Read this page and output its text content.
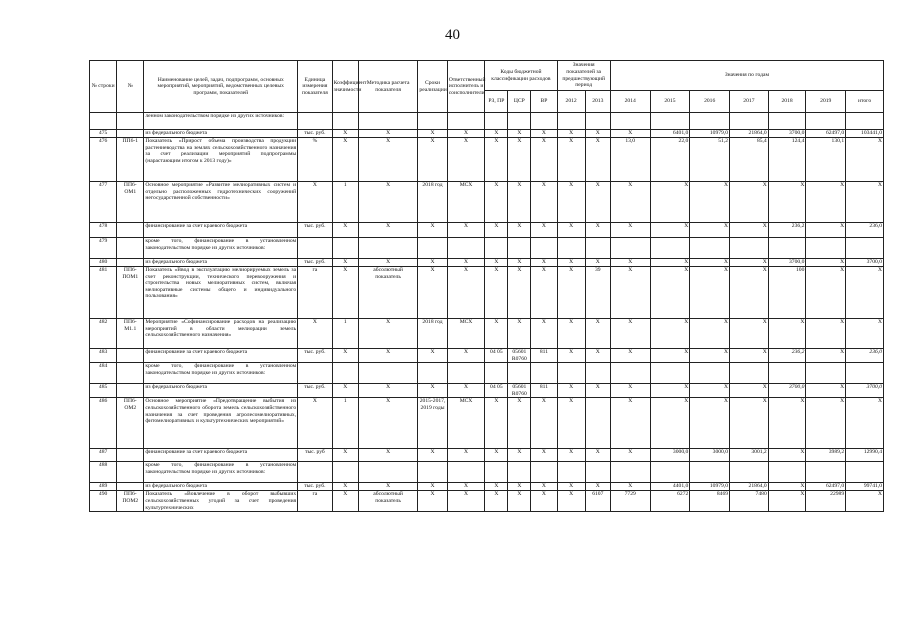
40
№ строки	№	Наименование целей, задач, подпрограмм, основных мероприятий, мероприятий, ведомственных целевых программ, показателей	Единица измерения показателя	Коэффициент значимости	Методика расчета показателя	Сроки реализации	Ответственный исполнитель и соисполнители	Коды бюджетной классификации расходов			Значения показателей за предшествующий период		Значения по годам						
								РЗ, ПР	ЦСР	ВР	2012	2013	2014	2015	2016	2017	2018	2019	итого
		ленном законодательством порядке из других источников:																	
475		из федерального бюджета	тыс. руб.	Х	Х	Х	Х	Х	Х	Х	Х	Х	Х	6401,0	10979,0	21864,0	3700,0	62497,0	103441,0
476	ПП6-1	Показатель «Прирост объема производства продукции растениеводства на землях сельскохозяйственного назначения за счет реализации мероприятий подпрограммы (нарастающим итогом к 2013 году)»	%	Х	Х	Х	Х	Х	Х	Х	Х	Х	13,0	22,0	51,2	85,4	124,4	130,1	Х
477	ПП6-ОМ1	Основное мероприятие «Развитие мелиоративных систем и отдельно расположенных гидротехнических сооружений негосударственной собственности»	Х	1	Х	2018 год	МСХ	Х	Х	Х	Х	Х	Х	Х	Х	Х	Х	Х	Х
478		финансирование за счет краевого бюджета	тыс. руб.	Х	Х	Х	Х	Х	Х	Х	Х	Х	Х	Х	Х	Х	236,2	Х	236,0
479		кроме того, финансирование в установленном законодательством порядке из других источников:																	
480		из федерального бюджета	тыс. руб.	Х	Х	Х	Х	Х	Х	Х	Х	Х	Х	Х	Х	Х	3700,0	Х	3700,0
481	ПП6-ПОМ1	Показатель «Ввод в эксплуатацию мелиорируемых земель за счет реконструкции, технического перевооружения и строительства новых мелиоративных систем, включая мелиоративные системы общего и индивидуального пользования»	га	Х	абсолютный показатель	Х	Х	Х	Х	Х	Х	39	Х	Х	Х	Х	100	Х	Х
482	ПП6-М1.1	Мероприятие «Софинансирование расходов на реализацию мероприятий в области мелиорации земель сельскохозяйственного назначения»	Х	1	Х	2018 год	МСХ	Х	Х	Х	Х	Х	Х	Х	Х	Х	Х	Х	Х
483		финансирование за счет краевого бюджета	тыс. руб.	Х	Х	Х	Х	04 05	05601 R0760	811	Х	Х	Х	Х	Х	Х	236,2	Х	236,0
484		кроме того, финансирование в установленном законодательством порядке из других источников:																	
485		из федерального бюджета	тыс. руб.	Х	Х	Х	Х	04 05	05601 R0760	811	Х	Х	Х	Х	Х	Х	3700,0	Х	3700,0
486	ПП6-ОМ2	Основное мероприятие «Предотвращение выбытия из сельскохозяйственного оборота земель сельскохозяйственного назначения за счет проведения агролесомелиоративных, фитомелиоративных и культуртехнических мероприятий»	Х	1	Х	2015-2017, 2019 годы	МСХ	Х	Х	Х	Х		Х	Х	Х	Х	Х	Х	Х
487		финансирование за счет краевого бюджета	тыс. руб	Х	Х	Х	Х	Х	Х	Х	Х	Х	Х	3000,0	3000,0	3001,2	Х	3989,2	12990,4
488		кроме того, финансирование в установленном законодательством порядке из других источников:																	
489		из федерального бюджета	тыс. руб.	Х	Х	Х	Х	Х	Х	Х	Х	Х	Х	4401,0	10979,0	21864,0	Х	62497,0	99741,0
490	ПП6-ПОМ2	Показатель «Вовлечение в оборот выбывших сельскохозяйственных угодий за счет проведения культуртехнических	га	Х	абсолютный показатель	Х	Х	Х	Х	Х	Х	6107	7729	6272	8469	7480	Х	22989	Х
